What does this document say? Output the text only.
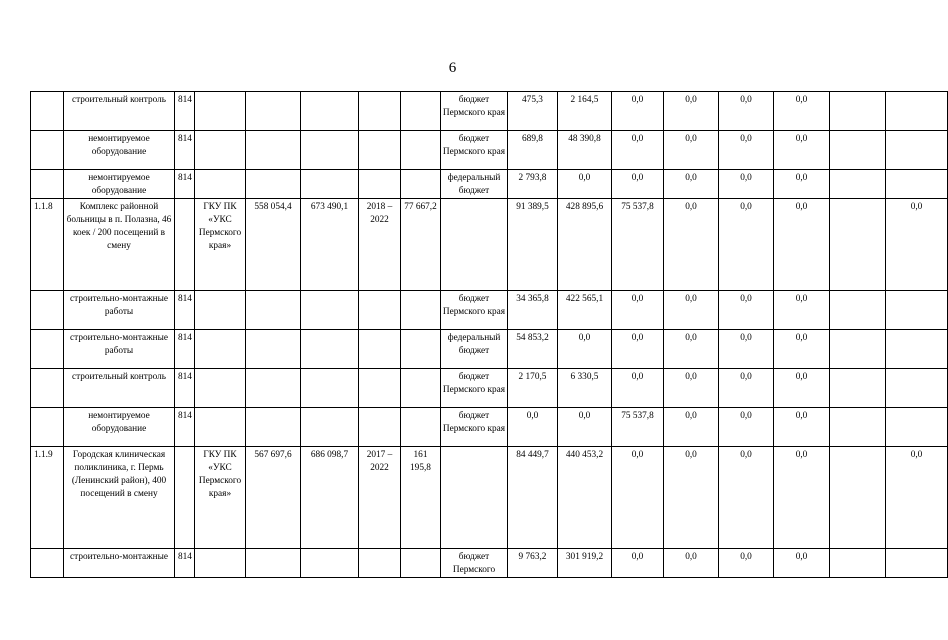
6
	строительный контроль	814						бюджет Пермского края	475,3	2 164,5	0,0	0,0	0,0	0,0		
	немонтируемое оборудование	814						бюджет Пермского края	689,8	48 390,8	0,0	0,0	0,0	0,0		
	немонтируемое оборудование	814						федеральный бюджет	2 793,8	0,0	0,0	0,0	0,0	0,0		
1.1.8	Комплекс районной больницы в п. Полазна, 46 коек / 200 посещений в смену		ГКУ ПК «УКС Пермского края»	558 054,4	673 490,1	2018 – 2022	77 667,2		91 389,5	428 895,6	75 537,8	0,0	0,0	0,0		0,0
	строительно-монтажные работы	814						бюджет Пермского края	34 365,8	422 565,1	0,0	0,0	0,0	0,0		
	строительно-монтажные работы	814						федеральный бюджет	54 853,2	0,0	0,0	0,0	0,0	0,0		
	строительный контроль	814						бюджет Пермского края	2 170,5	6 330,5	0,0	0,0	0,0	0,0		
	немонтируемое оборудование	814						бюджет Пермского края	0,0	0,0	75 537,8	0,0	0,0	0,0		
1.1.9	Городская клиническая поликлиника, г. Пермь (Ленинский район), 400 посещений в смену		ГКУ ПК «УКС Пермского края»	567 697,6	686 098,7	2017 – 2022	161 195,8		84 449,7	440 453,2	0,0	0,0	0,0	0,0		0,0
	строительно-монтажные	814						бюджет Пермского	9 763,2	301 919,2	0,0	0,0	0,0	0,0		
